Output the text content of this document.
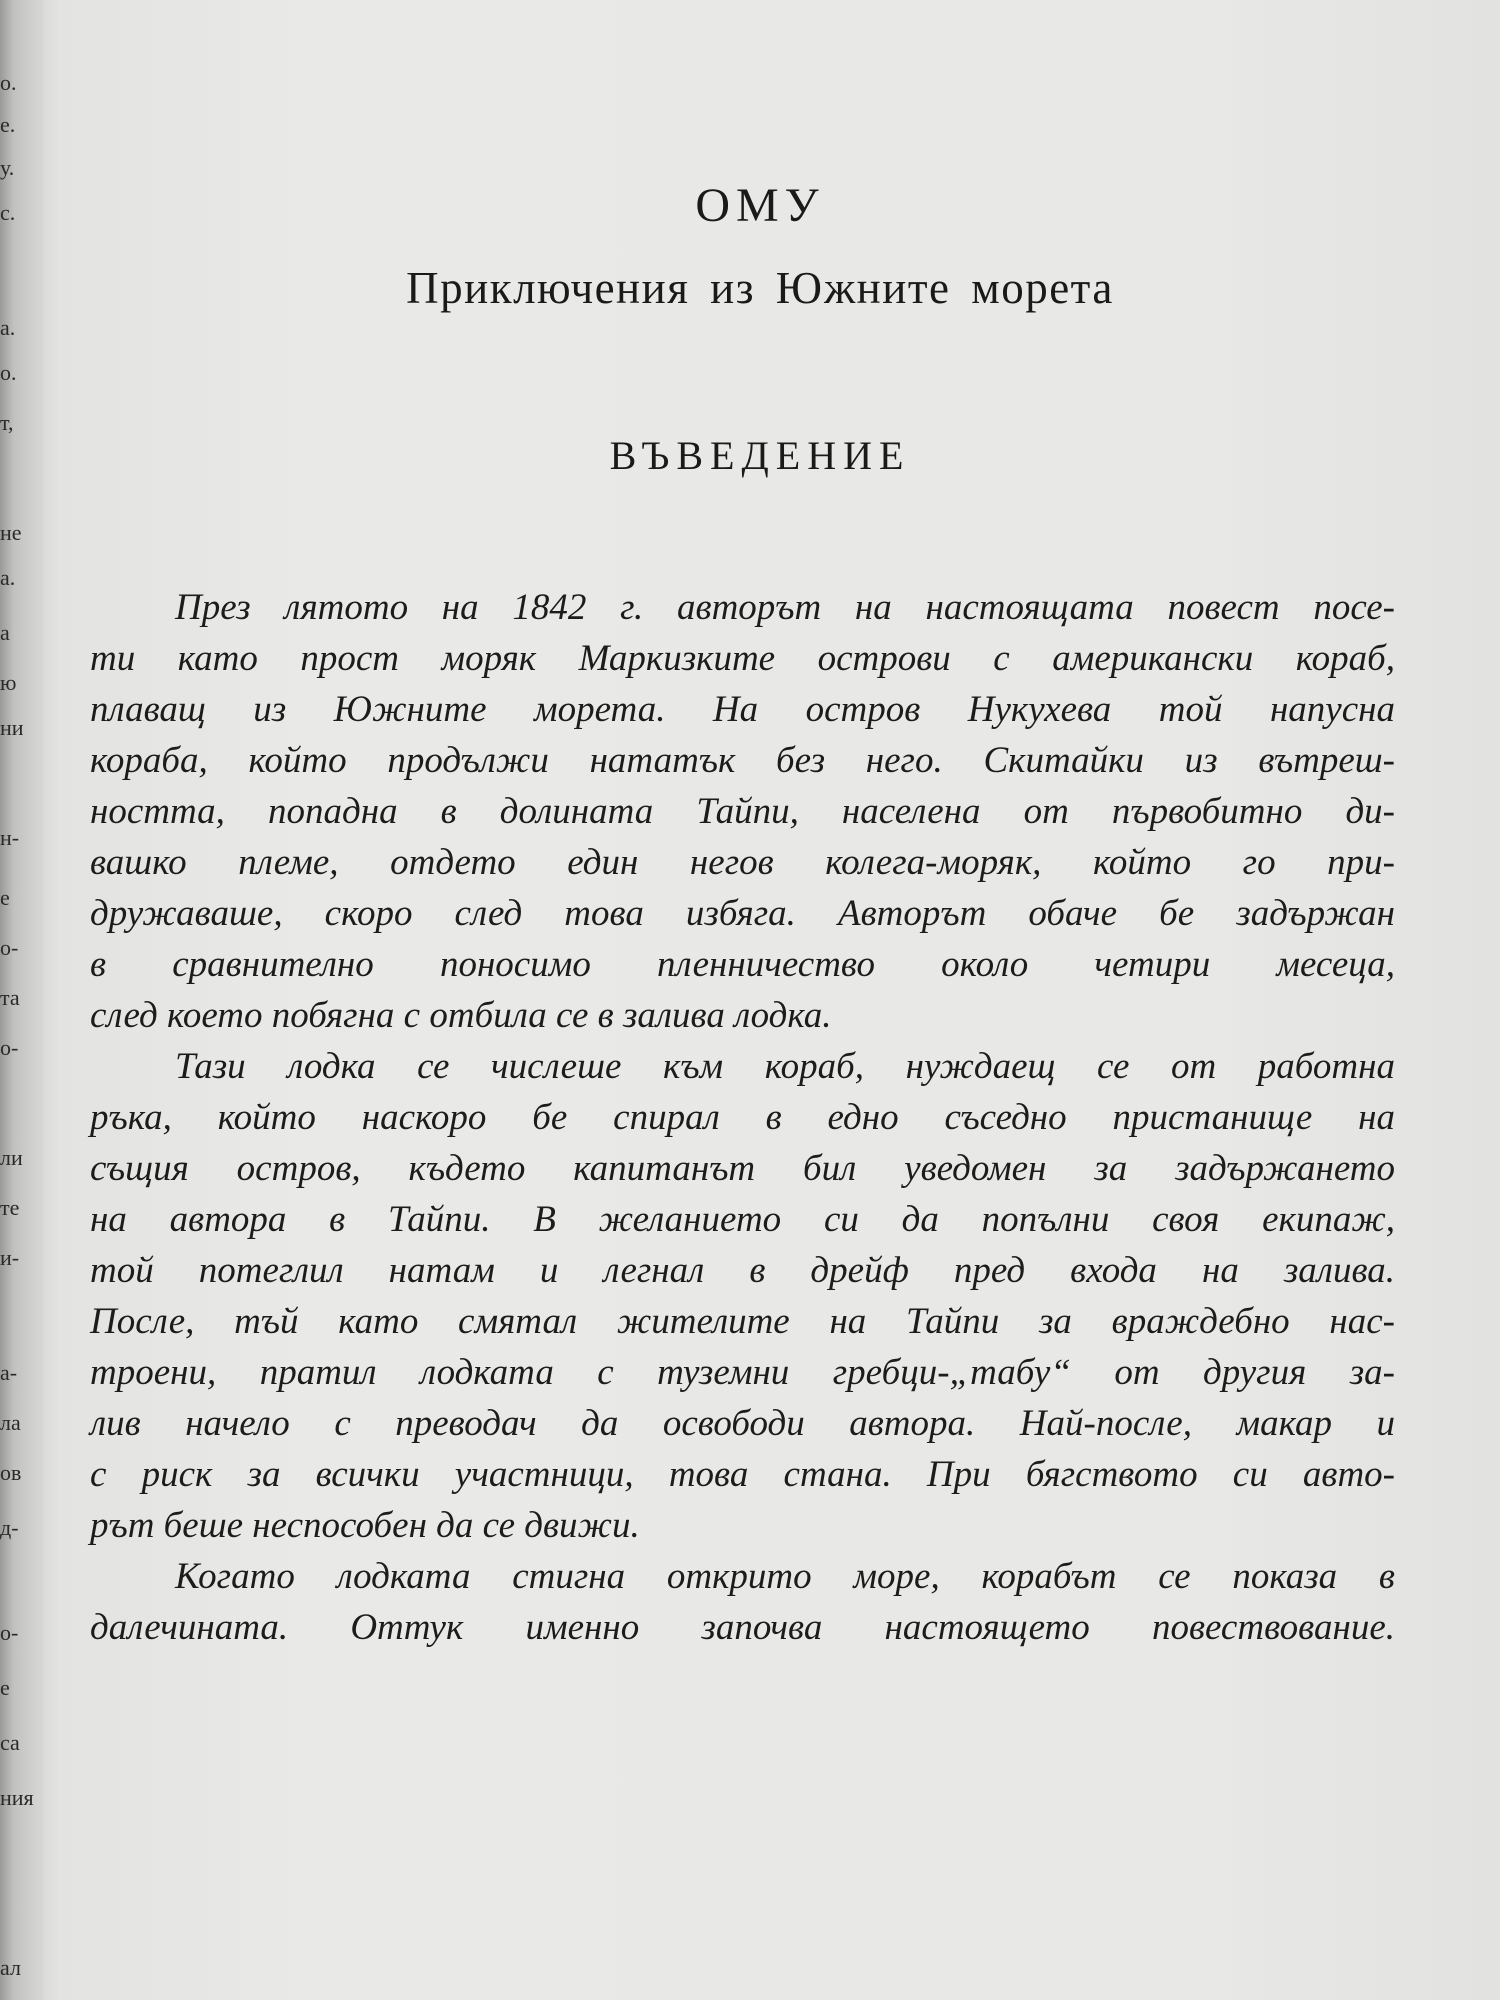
о.
е.
у.
с.
а.
о.
т,
не
а.
а
ю
ни
н-
е
о-
та
о-
ли
те
и-
а-
ла
ов
д-
о-
е
са
ния
ал
ОМУ
Приключения из Южните морета
ВЪВЕДЕНИЕ
През лятото на 1842 г. авторът на настоящата повест посе-
ти като прост моряк Маркизките острови с американски кораб,
плаващ из Южните морета. На остров Нукухева той напусна
кораба, който продължи нататък без него. Скитайки из вътреш-
ността, попадна в долината Тайпи, населена от първобитно ди-
вашко племе, отдето един негов колега-моряк, който го при-
дружаваше, скоро след това избяга. Авторът обаче бе задържан
в сравнително поносимо пленничество около четири месеца,
след което побягна с отбила се в залива лодка.
Тази лодка се числеше към кораб, нуждаещ се от работна
ръка, който наскоро бе спирал в едно съседно пристанище на
същия остров, където капитанът бил уведомен за задържането
на автора в Тайпи. В желанието си да попълни своя екипаж,
той потеглил натам и легнал в дрейф пред входа на залива.
После, тъй като смятал жителите на Тайпи за враждебно нас-
троени, пратил лодката с туземни гребци-„табу“ от другия за-
лив начело с преводач да освободи автора. Най-после, макар и
с риск за всички участници, това стана. При бягството си авто-
рът беше неспособен да се движи.
Когато лодката стигна открито море, корабът се показа в
далечината. Оттук именно започва настоящето повествование.
